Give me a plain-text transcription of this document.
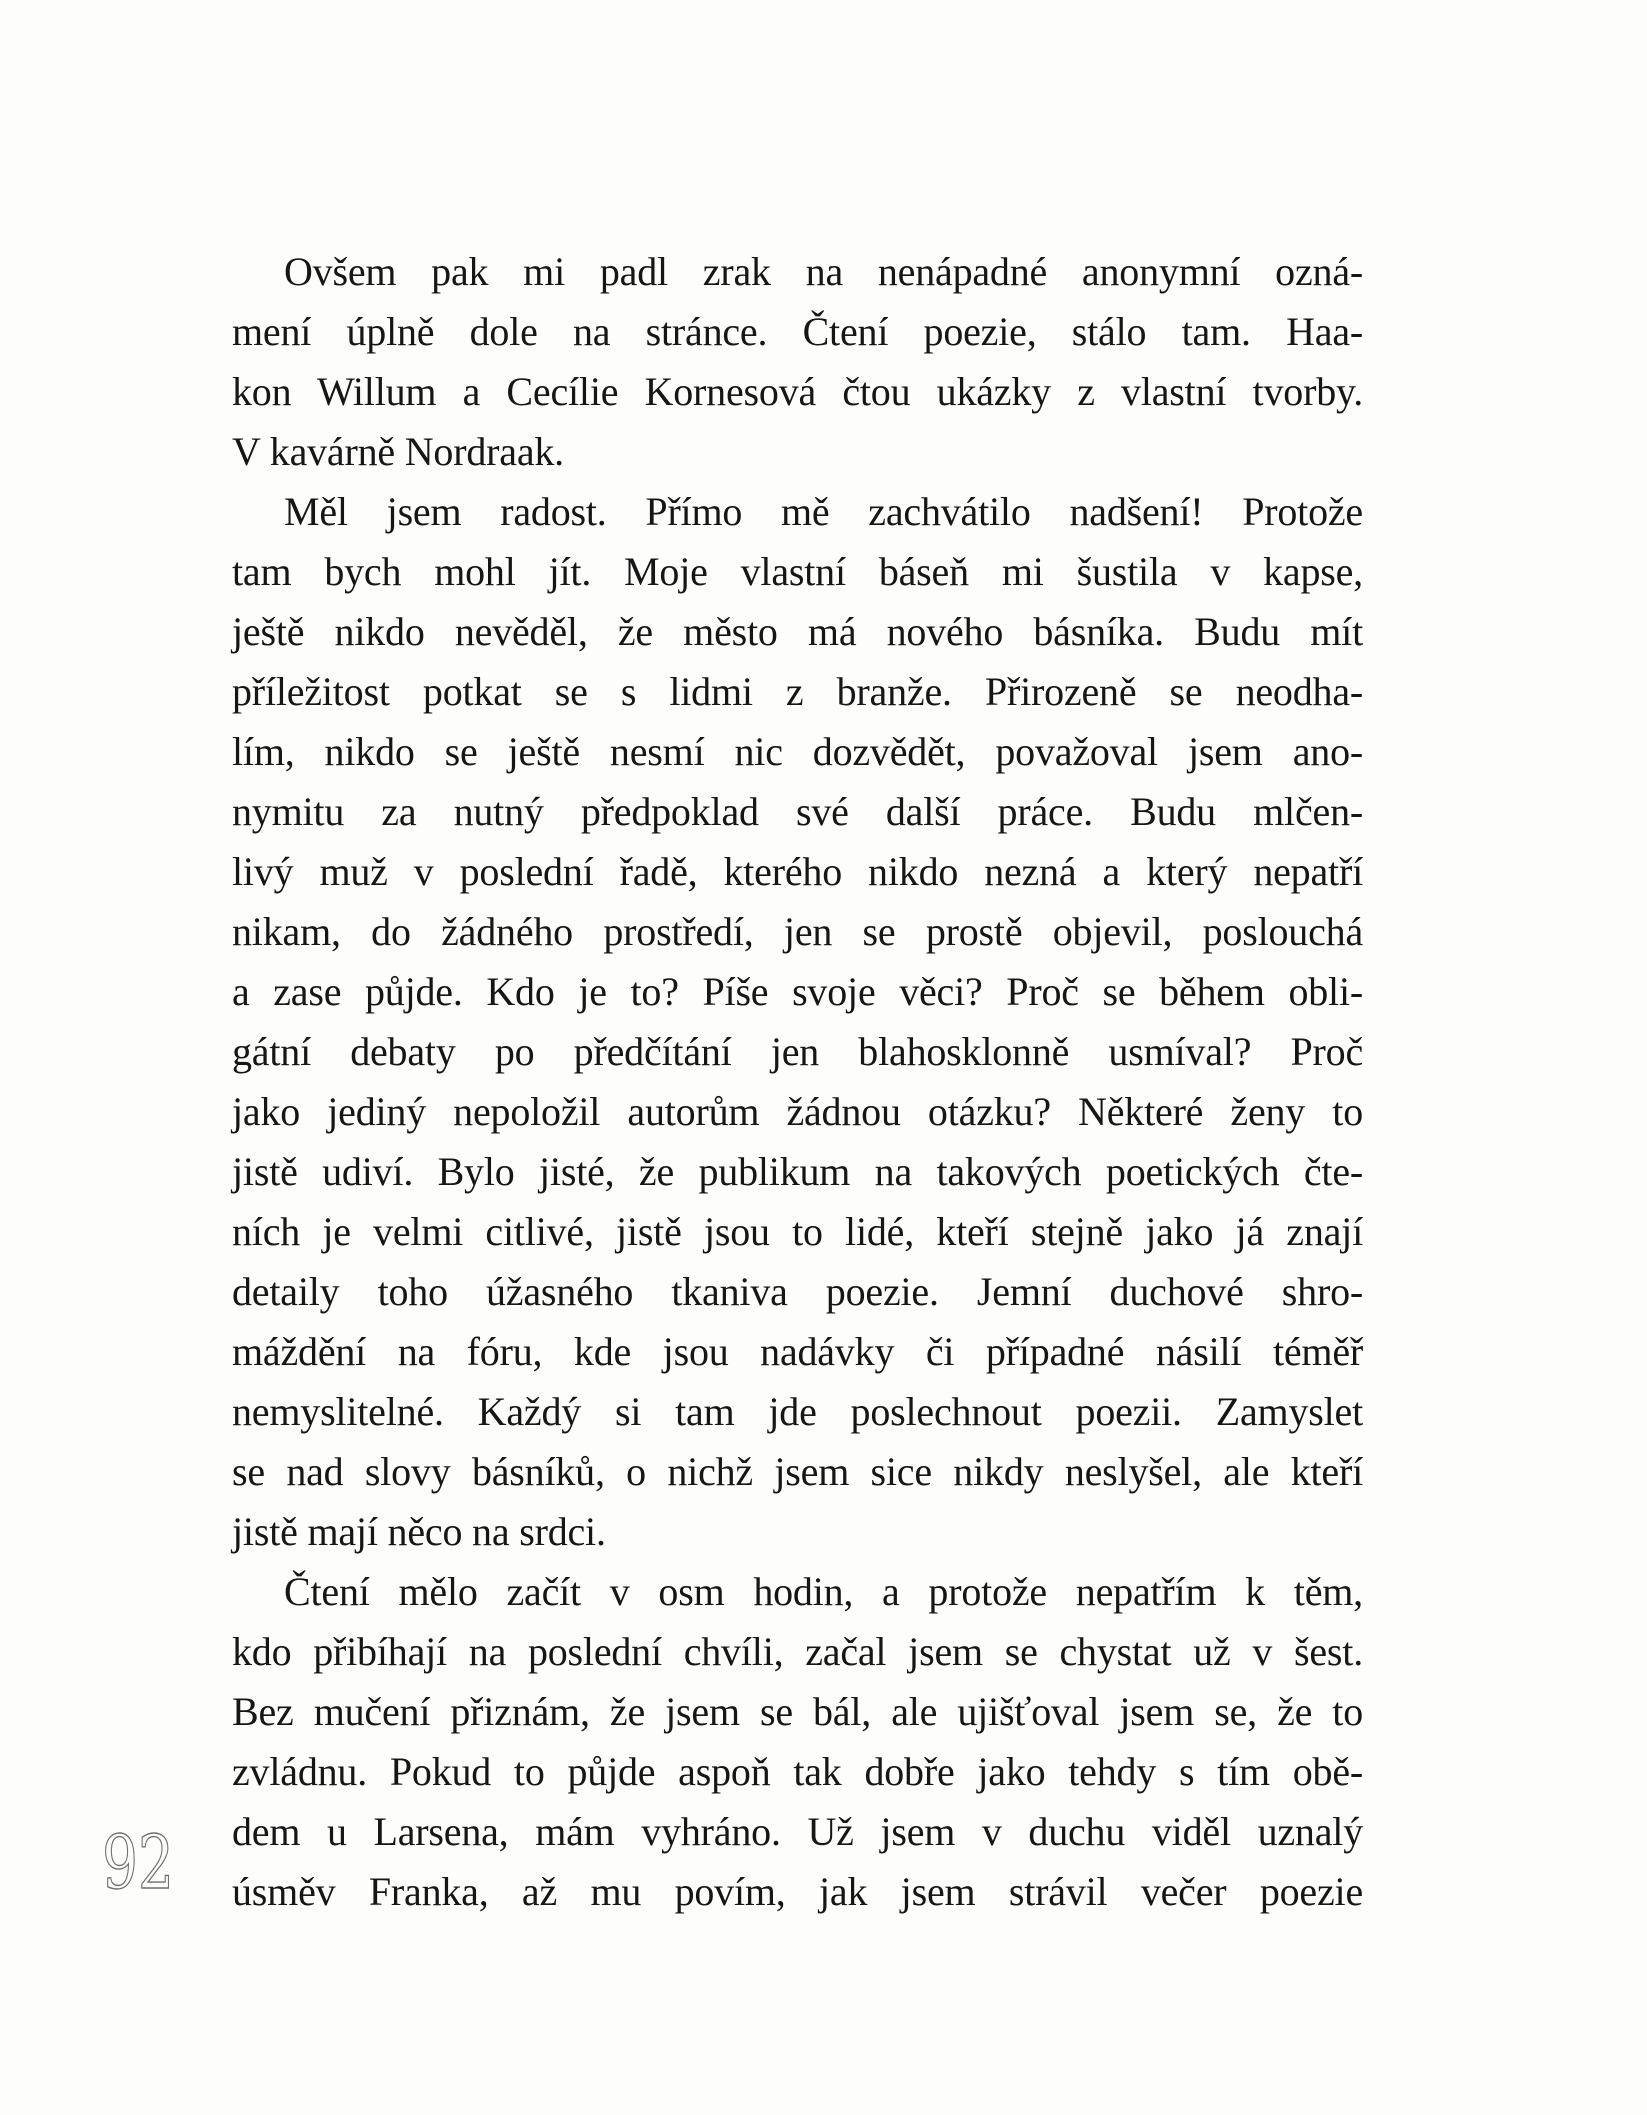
Ovšem pak mi padl zrak na nenápadné anonymní ozná-
mení úplně dole na stránce. Čtení poezie, stálo tam. Haa-
kon Willum a Cecílie Kornesová čtou ukázky z vlastní tvorby.
V kavárně Nordraak.
Měl jsem radost. Přímo mě zachvátilo nadšení! Protože
tam bych mohl jít. Moje vlastní báseň mi šustila v kapse,
ještě nikdo nevěděl, že město má nového básníka. Budu mít
příležitost potkat se s lidmi z branže. Přirozeně se neodha-
lím, nikdo se ještě nesmí nic dozvědět, považoval jsem ano-
nymitu za nutný předpoklad své další práce. Budu mlčen-
livý muž v poslední řadě, kterého nikdo nezná a který nepatří
nikam, do žádného prostředí, jen se prostě objevil, poslouchá
a zase půjde. Kdo je to? Píše svoje věci? Proč se během obli-
gátní debaty po předčítání jen blahosklonně usmíval? Proč
jako jediný nepoložil autorům žádnou otázku? Některé ženy to
jistě udiví. Bylo jisté, že publikum na takových poetických čte-
ních je velmi citlivé, jistě jsou to lidé, kteří stejně jako já znají
detaily toho úžasného tkaniva poezie. Jemní duchové shro-
máždění na fóru, kde jsou nadávky či případné násilí téměř
nemyslitelné. Každý si tam jde poslechnout poezii. Zamyslet
se nad slovy básníků, o nichž jsem sice nikdy neslyšel, ale kteří
jistě mají něco na srdci.
Čtení mělo začít v osm hodin, a protože nepatřím k těm,
kdo přibíhají na poslední chvíli, začal jsem se chystat už v šest.
Bez mučení přiznám, že jsem se bál, ale ujišťoval jsem se, že to
zvládnu. Pokud to půjde aspoň tak dobře jako tehdy s tím obě-
dem u Larsena, mám vyhráno. Už jsem v duchu viděl uznalý
úsměv Franka, až mu povím, jak jsem strávil večer poezie
92
